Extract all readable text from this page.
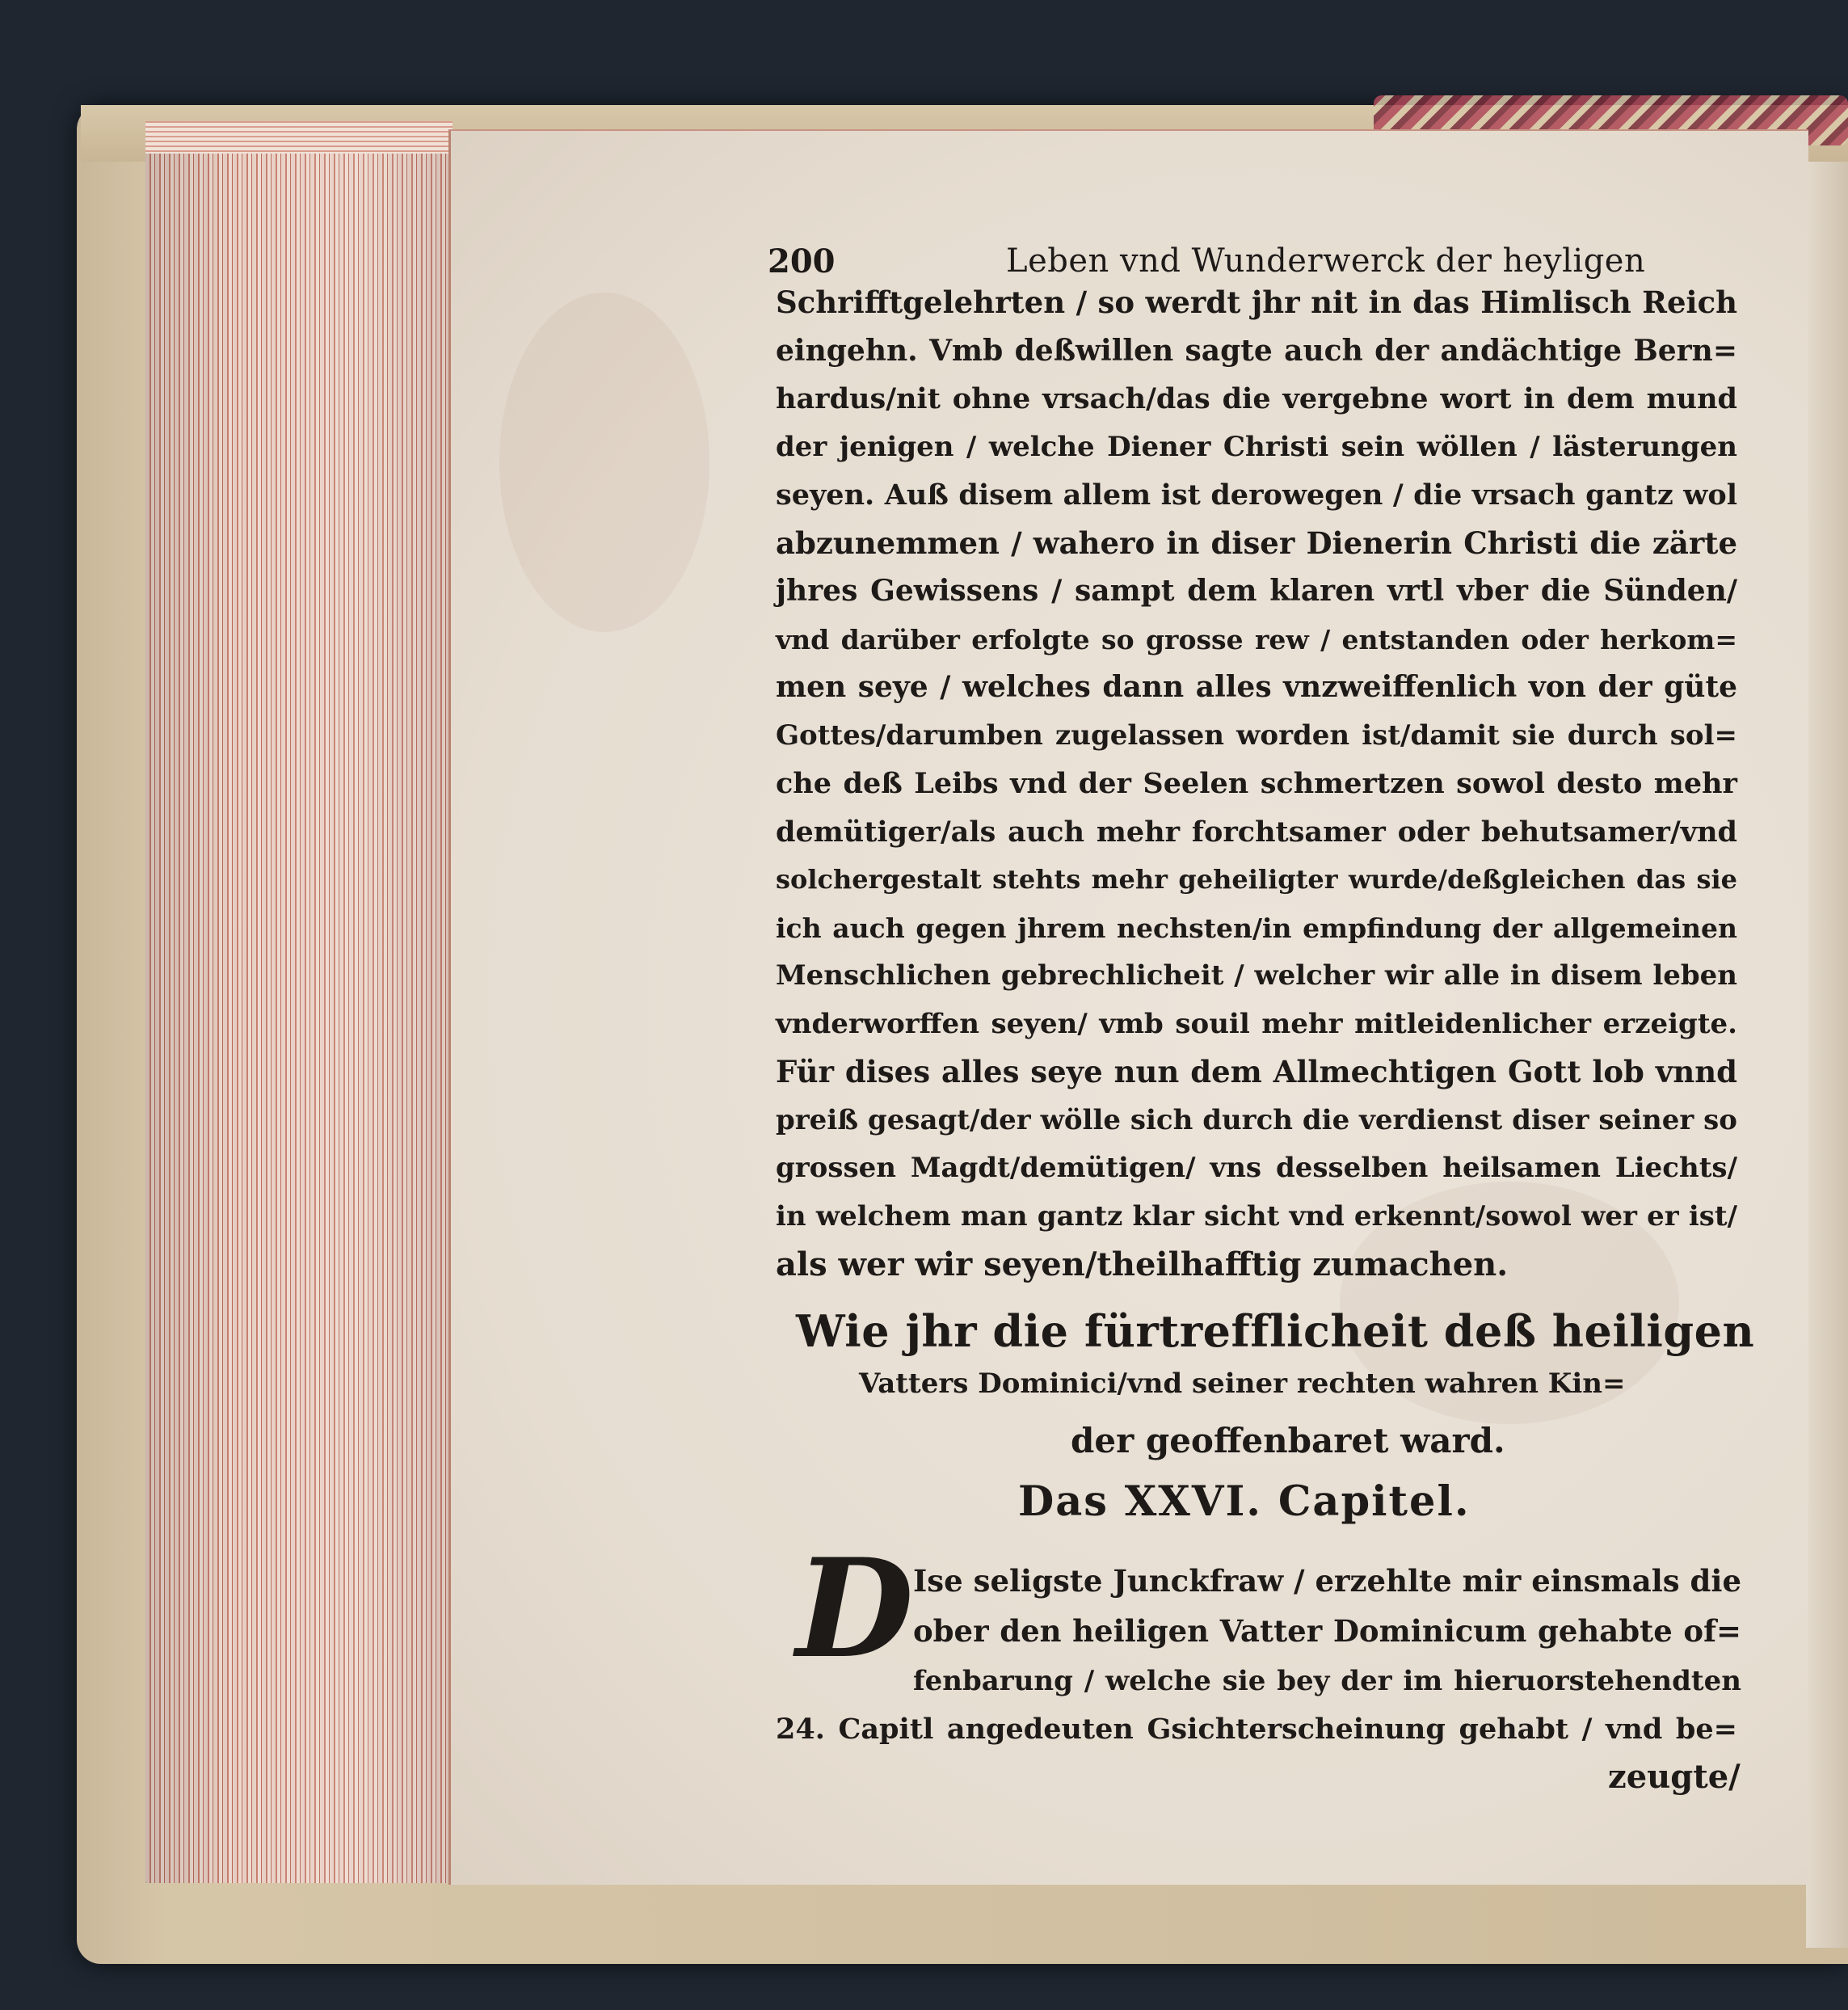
200	Leben vnd Wunderwerck der heyligen
Schrifftgelehrten / so werdt jhr nit in das Himlisch Reich
eingehn. Vmb deßwillen sagte auch der andächtige Bern=
hardus/nit ohne vrsach/das die vergebne wort in dem mund
der jenigen / welche Diener Christi sein wöllen / lästerungen
seyen. Auß disem allem ist derowegen / die vrsach gantz wol
abzunemmen / wahero in diser Dienerin Christi die zärte
jhres Gewissens / sampt dem klaren vrtl vber die Sünden/
vnd darüber erfolgte so grosse rew / entstanden oder herkom=
men seye / welches dann alles vnzweiffenlich von der güte
Gottes/darumben zugelassen worden ist/damit sie durch sol=
che deß Leibs vnd der Seelen schmertzen sowol desto mehr
demütiger/als auch mehr forchtsamer oder behutsamer/vnd
solchergestalt stehts mehr geheiligter wurde/deßgleichen das sie
ich auch gegen jhrem nechsten/in empfindung der allgemeinen
Menschlichen gebrechlicheit / welcher wir alle in disem leben
vnderworffen seyen/ vmb souil mehr mitleidenlicher erzeigte.
Für dises alles seye nun dem Allmechtigen Gott lob vnnd
preiß gesagt/der wölle sich durch die verdienst diser seiner so
grossen Magdt/demütigen/ vns desselben heilsamen Liechts/
in welchem man gantz klar sicht vnd erkennt/sowol wer er ist/
als wer wir seyen/theilhafftig zumachen.
Wie jhr die fürtrefflicheit deß heiligen
Vatters Dominici/vnd seiner rechten wahren Kin=
der geoffenbaret ward.
Das XXVI. Capitel.
D Ise seligste Junckfraw / erzehlte mir einsmals die
ober den heiligen Vatter Dominicum gehabte of=
fenbarung / welche sie bey der im hieruorstehendten
24. Capitl angedeuten Gsichterscheinung gehabt / vnd be=
zeugte/
